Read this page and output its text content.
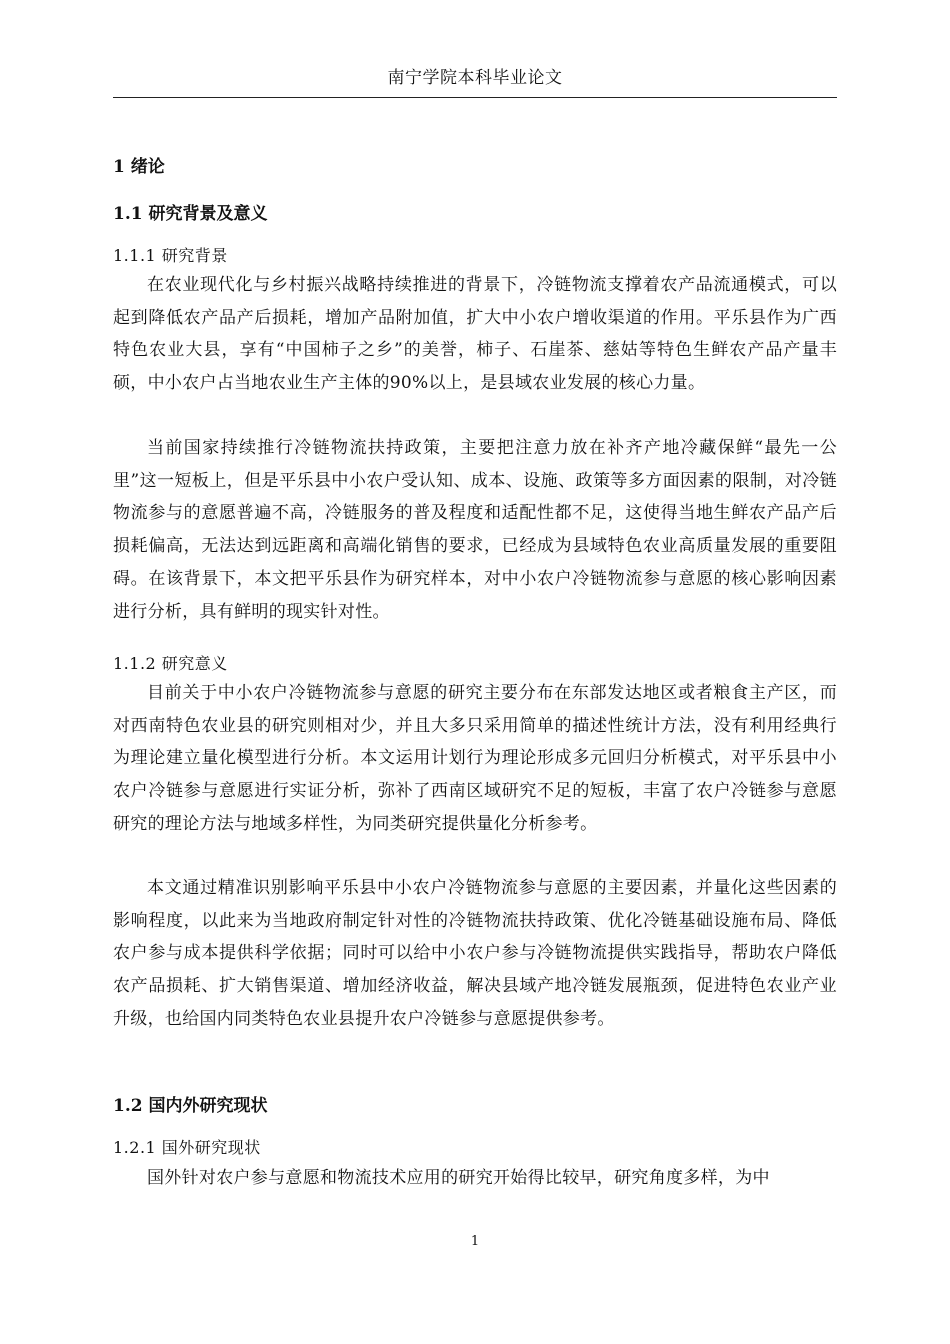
南宁学院本科毕业论文
1 绪论
1.1 研究背景及意义
1.1.1 研究背景

在农业现代化与乡村振兴战略持续推进的背景下，冷链物流支撑着农产品流通模式，可以起到降低农产品产后损耗，增加产品附加值，扩大中小农户增收渠道的作用。平乐县作为广西特色农业大县，享有“中国柿子之乡”的美誉，柿子、石崖茶、慈姑等特色生鲜农产品产量丰硕，中小农户占当地农业生产主体的90%以上，是县域农业发展的核心力量。

当前国家持续推行冷链物流扶持政策，主要把注意力放在补齐产地冷藏保鲜“最先一公里”这一短板上，但是平乐县中小农户受认知、成本、设施、政策等多方面因素的限制，对冷链物流参与的意愿普遍不高，冷链服务的普及程度和适配性都不足，这使得当地生鲜农产品产后损耗偏高，无法达到远距离和高端化销售的要求，已经成为县域特色农业高质量发展的重要阻碍。在该背景下，本文把平乐县作为研究样本，对中小农户冷链物流参与意愿的核心影响因素进行分析，具有鲜明的现实针对性。

1.1.2 研究意义

目前关于中小农户冷链物流参与意愿的研究主要分布在东部发达地区或者粮食主产区，而对西南特色农业县的研究则相对少，并且大多只采用简单的描述性统计方法，没有利用经典行为理论建立量化模型进行分析。本文运用计划行为理论形成多元回归分析模式，对平乐县中小农户冷链参与意愿进行实证分析，弥补了西南区域研究不足的短板，丰富了农户冷链参与意愿研究的理论方法与地域多样性，为同类研究提供量化分析参考。

本文通过精准识别影响平乐县中小农户冷链物流参与意愿的主要因素，并量化这些因素的影响程度，以此来为当地政府制定针对性的冷链物流扶持政策、优化冷链基础设施布局、降低农户参与成本提供科学依据；同时可以给中小农户参与冷链物流提供实践指导，帮助农户降低农产品损耗、扩大销售渠道、增加经济收益，解决县域产地冷链发展瓶颈，促进特色农业产业升级，也给国内同类特色农业县提升农户冷链参与意愿提供参考。

1.2 国内外研究现状
1.2.1 国外研究现状

国外针对农户参与意愿和物流技术应用的研究开始得比较早，研究角度多样，为中

1
